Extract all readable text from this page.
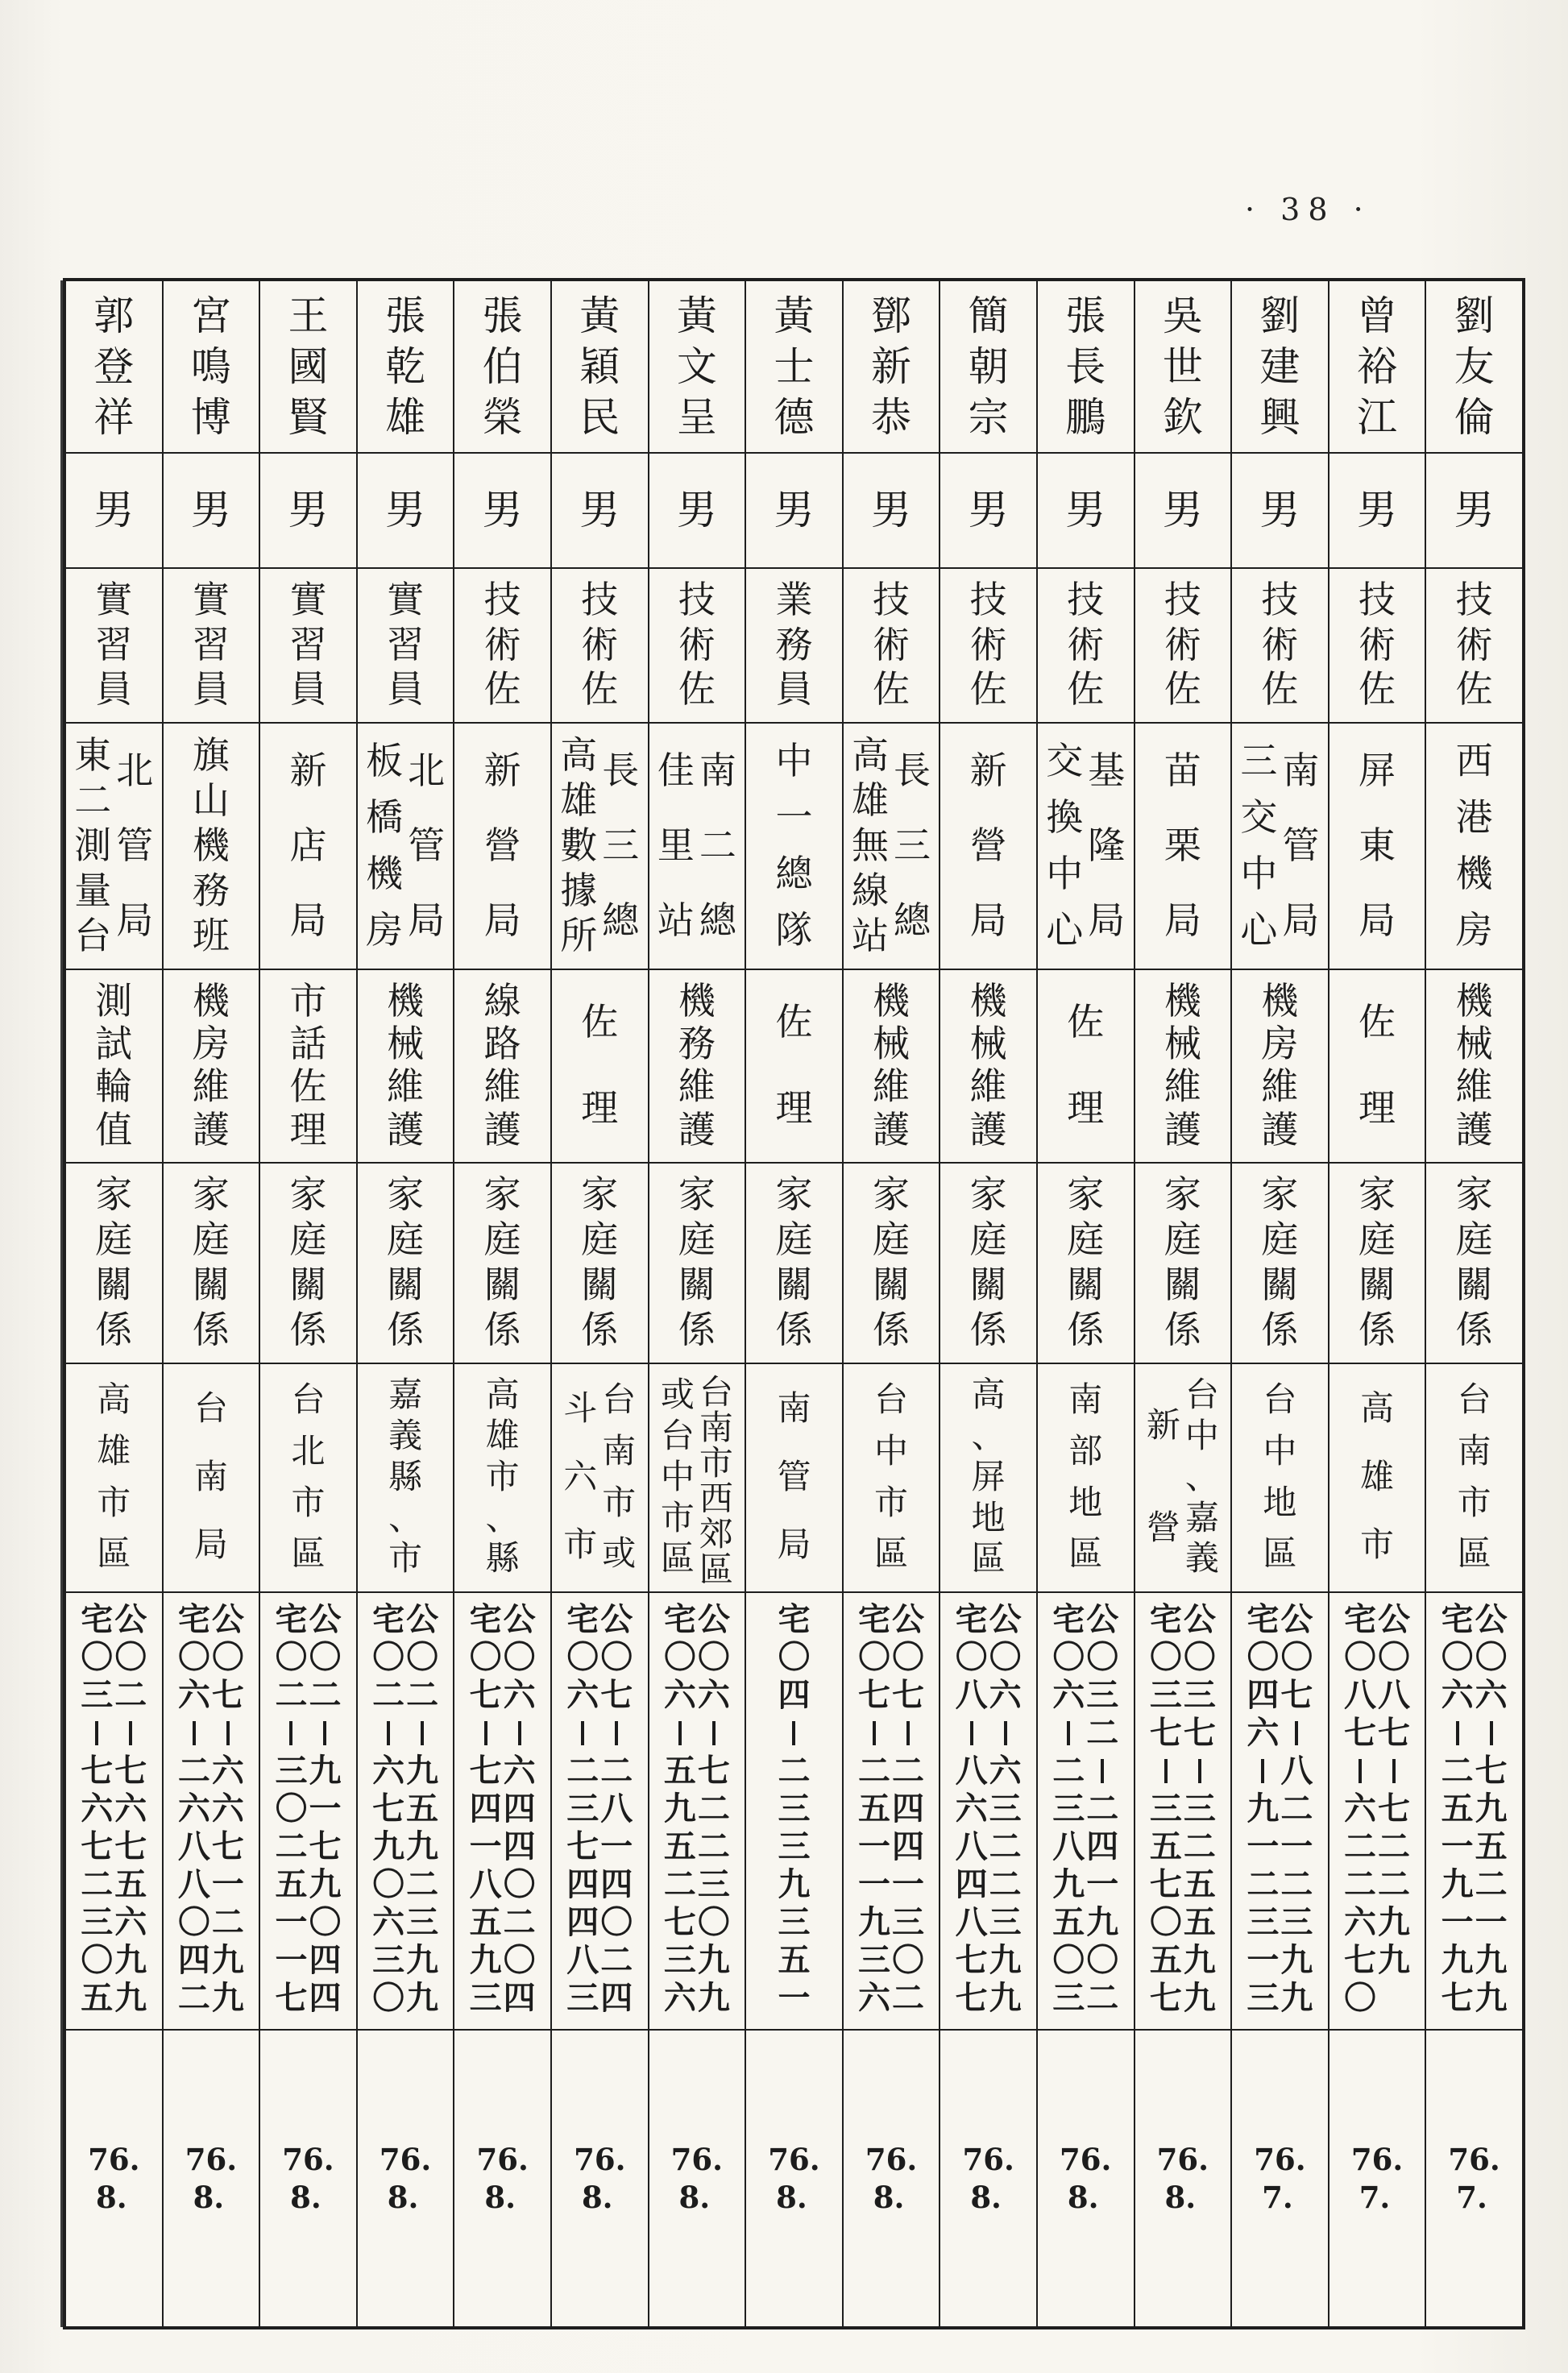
· 38 ·
郭
登
祥
男
實
習
員
北
管
局
東
二
測
量
台
測
試
輪
值
家
庭
關
係
高
雄
市
區
公
〇
二
七
六
七
五
六
九
九
宅
〇
三
七
六
七
二
三
〇
五
76.
8.
宮
鳴
博
男
實
習
員
旗
山
機
務
班
機
房
維
護
家
庭
關
係
台
南
局
公
〇
七
六
六
七
一
二
九
九
宅
〇
六
二
六
八
八
〇
四
二
76.
8.
王
國
賢
男
實
習
員
新
店
局
市
話
佐
理
家
庭
關
係
台
北
市
區
公
〇
二
九
一
七
九
〇
四
四
宅
〇
二
三
〇
二
五
一
一
七
76.
8.
張
乾
雄
男
實
習
員
北
管
局
板
橋
機
房
機
械
維
護
家
庭
關
係
嘉
義
縣
、
市
公
〇
二
九
五
九
二
三
九
九
宅
〇
二
六
七
九
〇
六
三
〇
76.
8.
張
伯
榮
男
技
術
佐
新
營
局
線
路
維
護
家
庭
關
係
高
雄
市
、
縣
公
〇
六
六
四
四
〇
二
〇
四
宅
〇
七
七
四
一
八
五
九
三
76.
8.
黃
穎
民
男
技
術
佐
長
三
總
高
雄
數
據
所
佐
理
家
庭
關
係
台
南
市
或
斗
六
市
公
〇
七
二
八
一
四
〇
二
四
宅
〇
六
二
三
七
四
四
八
三
76.
8.
黃
文
呈
男
技
術
佐
南
二
總
佳
里
站
機
務
維
護
家
庭
關
係
台
南
市
西
郊
區
或
台
中
市
區
公
〇
六
七
二
二
三
〇
九
九
宅
〇
六
五
九
五
二
七
三
六
76.
8.
黃
士
德
男
業
務
員
中
一
總
隊
佐
理
家
庭
關
係
南
管
局
宅
〇
四
二
三
三
九
三
五
一
76.
8.
鄧
新
恭
男
技
術
佐
長
三
總
高
雄
無
線
站
機
械
維
護
家
庭
關
係
台
中
市
區
公
〇
七
二
四
四
一
三
〇
二
宅
〇
七
二
五
一
一
九
三
六
76.
8.
簡
朝
宗
男
技
術
佐
新
營
局
機
械
維
護
家
庭
關
係
高
、
屏
地
區
公
〇
六
六
三
二
二
三
九
九
宅
〇
八
八
六
八
四
八
七
七
76.
8.
張
長
鵬
男
技
術
佐
基
隆
局
交
換
中
心
佐
理
家
庭
關
係
南
部
地
區
公
〇
三
二
二
四
一
九
〇
二
宅
〇
六
二
三
八
九
五
〇
三
76.
8.
吳
世
欽
男
技
術
佐
苗
栗
局
機
械
維
護
家
庭
關
係
台
中
、
嘉
義
新
營
公
〇
三
七
三
二
五
五
九
九
宅
〇
三
七
三
五
七
〇
五
七
76.
8.
劉
建
興
男
技
術
佐
南
管
局
三
交
中
心
機
房
維
護
家
庭
關
係
台
中
地
區
公
〇
七
八
二
一
二
三
九
九
宅
〇
四
六
九
一
二
三
一
三
76.
7.
曾
裕
江
男
技
術
佐
屏
東
局
佐
理
家
庭
關
係
高
雄
市
公
〇
八
七
七
二
二
九
九
宅
〇
八
七
六
二
二
六
七
〇
76.
7.
劉
友
倫
男
技
術
佐
西
港
機
房
機
械
維
護
家
庭
關
係
台
南
市
區
公
〇
六
七
九
五
二
一
九
九
宅
〇
六
二
五
一
九
一
九
七
76.
7.
